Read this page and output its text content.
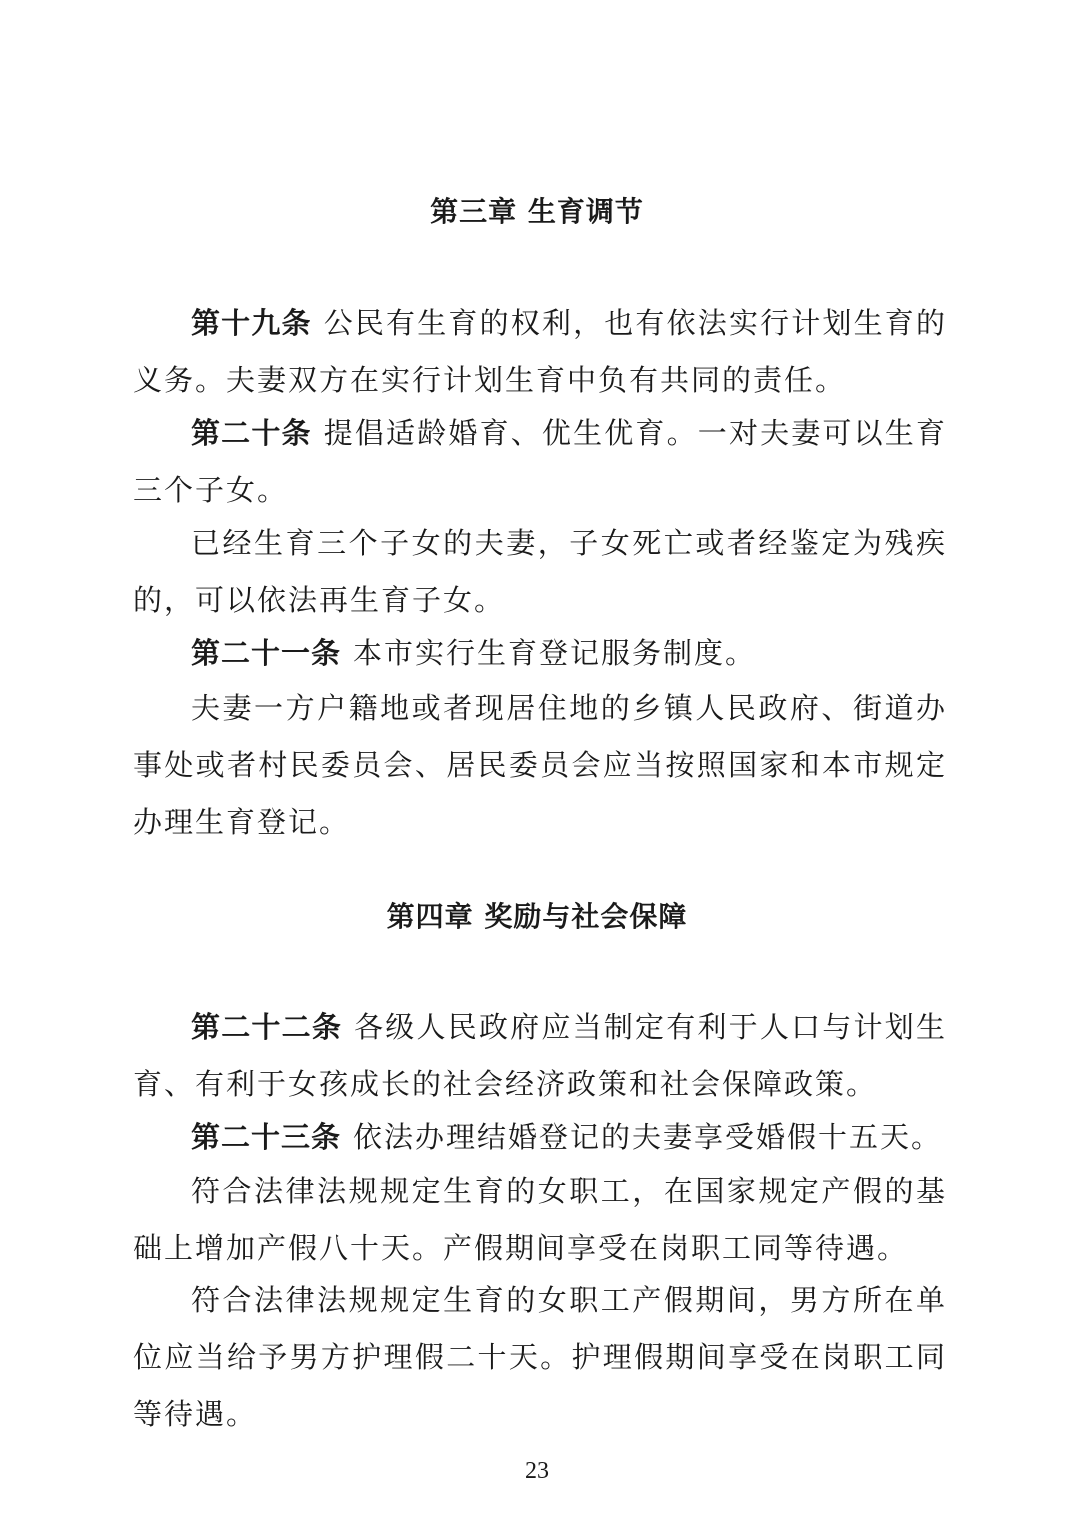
第三章 生育调节

第十九条 公民有生育的权利，也有依法实行计划生育的义务。夫妻双方在实行计划生育中负有共同的责任。

第二十条 提倡适龄婚育、优生优育。一对夫妻可以生育三个子女。

已经生育三个子女的夫妻，子女死亡或者经鉴定为残疾的，可以依法再生育子女。

第二十一条 本市实行生育登记服务制度。

夫妻一方户籍地或者现居住地的乡镇人民政府、街道办事处或者村民委员会、居民委员会应当按照国家和本市规定办理生育登记。

第四章 奖励与社会保障

第二十二条 各级人民政府应当制定有利于人口与计划生育、有利于女孩成长的社会经济政策和社会保障政策。

第二十三条 依法办理结婚登记的夫妻享受婚假十五天。

符合法律法规规定生育的女职工，在国家规定产假的基础上增加产假八十天。产假期间享受在岗职工同等待遇。

符合法律法规规定生育的女职工产假期间，男方所在单位应当给予男方护理假二十天。护理假期间享受在岗职工同等待遇。

23
